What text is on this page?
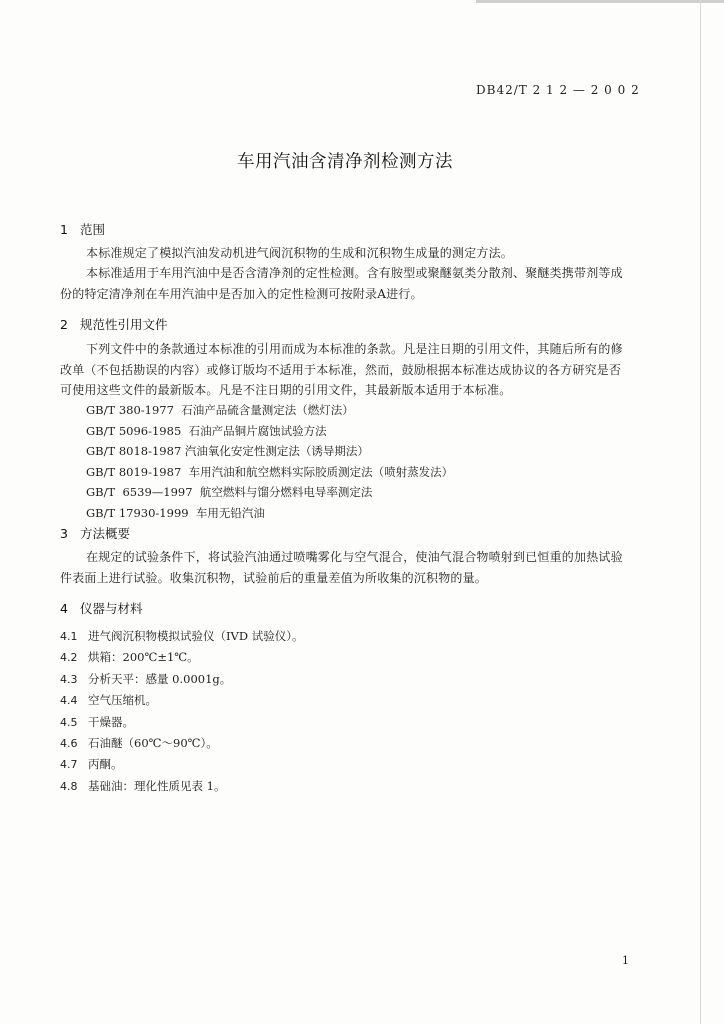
DB42/T 2 1 2 — 2 0 0 2
车用汽油含清净剂检测方法
1 范围
本标准规定了模拟汽油发动机进气阀沉积物的生成和沉积物生成量的测定方法。
本标准适用于车用汽油中是否含清净剂的定性检测。含有胺型或聚醚氨类分散剂、聚醚类携带剂等成份的特定清净剂在车用汽油中是否加入的定性检测可按附录A进行。
2 规范性引用文件
下列文件中的条款通过本标准的引用而成为本标准的条款。凡是注日期的引用文件，其随后所有的修改单（不包括勘误的内容）或修订版均不适用于本标准，然而，鼓励根据本标准达成协议的各方研究是否可使用这些文件的最新版本。凡是不注日期的引用文件，其最新版本适用于本标准。
GB/T 380-1977  石油产品硫含量测定法（燃灯法）
GB/T 5096-1985  石油产品铜片腐蚀试验方法
GB/T 8018-1987 汽油氧化安定性测定法（诱导期法）
GB/T 8019-1987  车用汽油和航空燃料实际胶质测定法（喷射蒸发法）
GB/T  6539—1997  航空燃料与馏分燃料电导率测定法
GB/T 17930-1999  车用无铅汽油
3 方法概要
在规定的试验条件下，将试验汽油通过喷嘴雾化与空气混合，使油气混合物喷射到已恒重的加热试验件表面上进行试验。收集沉积物，试验前后的重量差值为所收集的沉积物的量。
4 仪器与材料
4.1 进气阀沉积物模拟试验仪（IVD 试验仪）。
4.2 烘箱：200℃±1℃。
4.3 分析天平：感量 0.0001g。
4.4 空气压缩机。
4.5 干燥器。
4.6 石油醚（60℃～90℃）。
4.7 丙酮。
4.8 基础油：理化性质见表 1。
1
